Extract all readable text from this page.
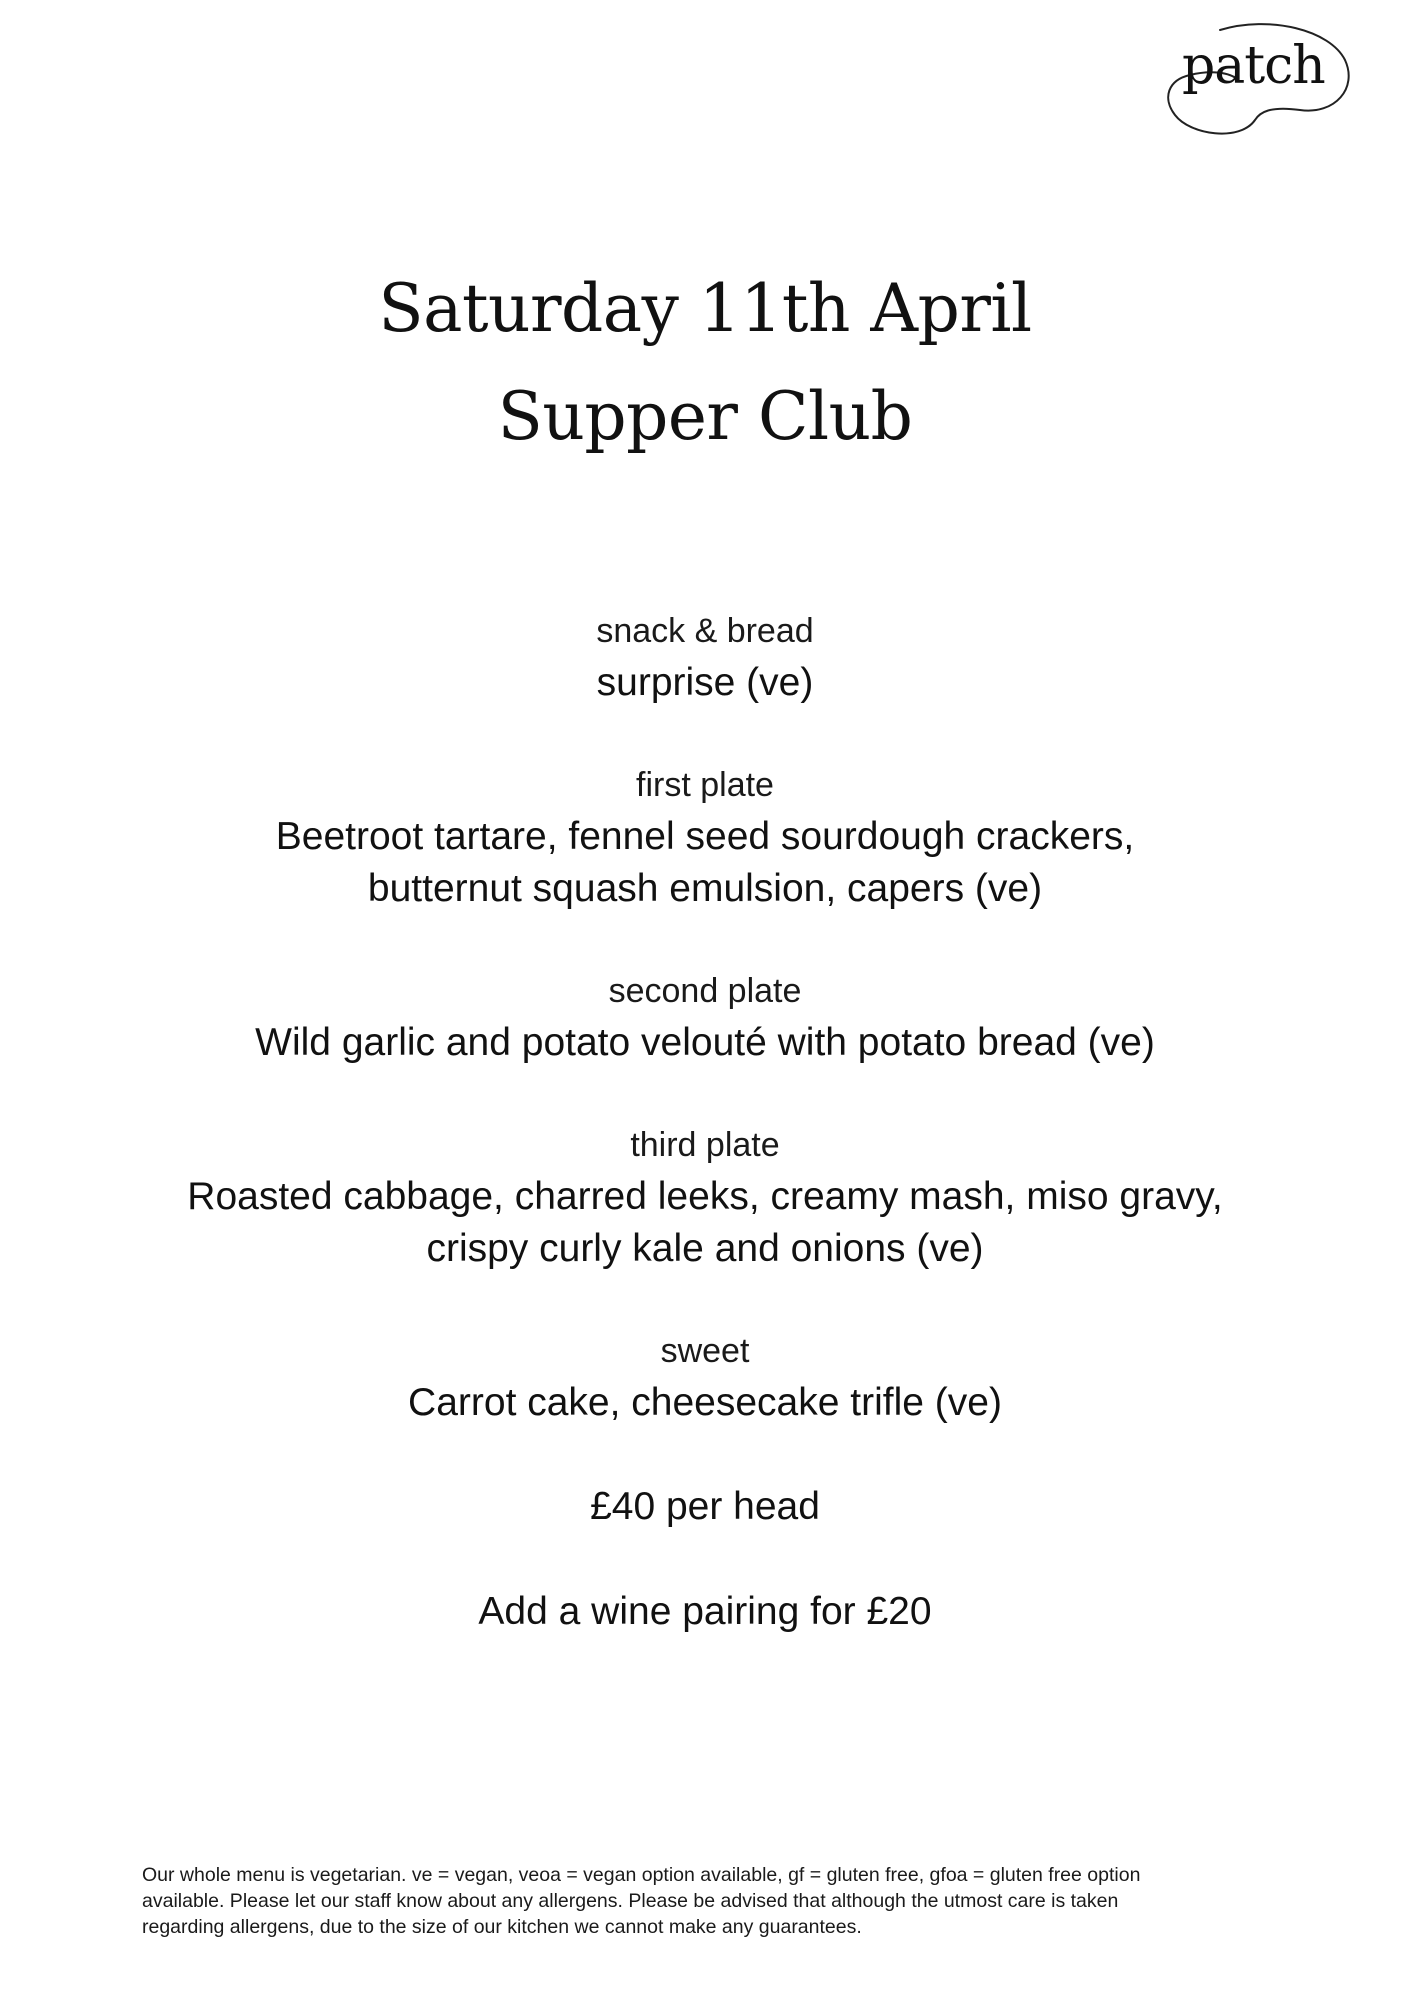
patch
Saturday 11th April
Supper Club
snack & bread
surprise (ve)
first plate
Beetroot tartare, fennel seed sourdough crackers,
butternut squash emulsion, capers (ve)
second plate
Wild garlic and potato velouté with potato bread (ve)
third plate
Roasted cabbage, charred leeks, creamy mash, miso gravy,
crispy curly kale and onions (ve)
sweet
Carrot cake, cheesecake trifle (ve)
£40 per head
Add a wine pairing for £20
Our whole menu is vegetarian. ve = vegan, veoa = vegan option available, gf = gluten free, gfoa = gluten free option
available. Please let our staff know about any allergens. Please be advised that although the utmost care is taken
regarding allergens, due to the size of our kitchen we cannot make any guarantees.
